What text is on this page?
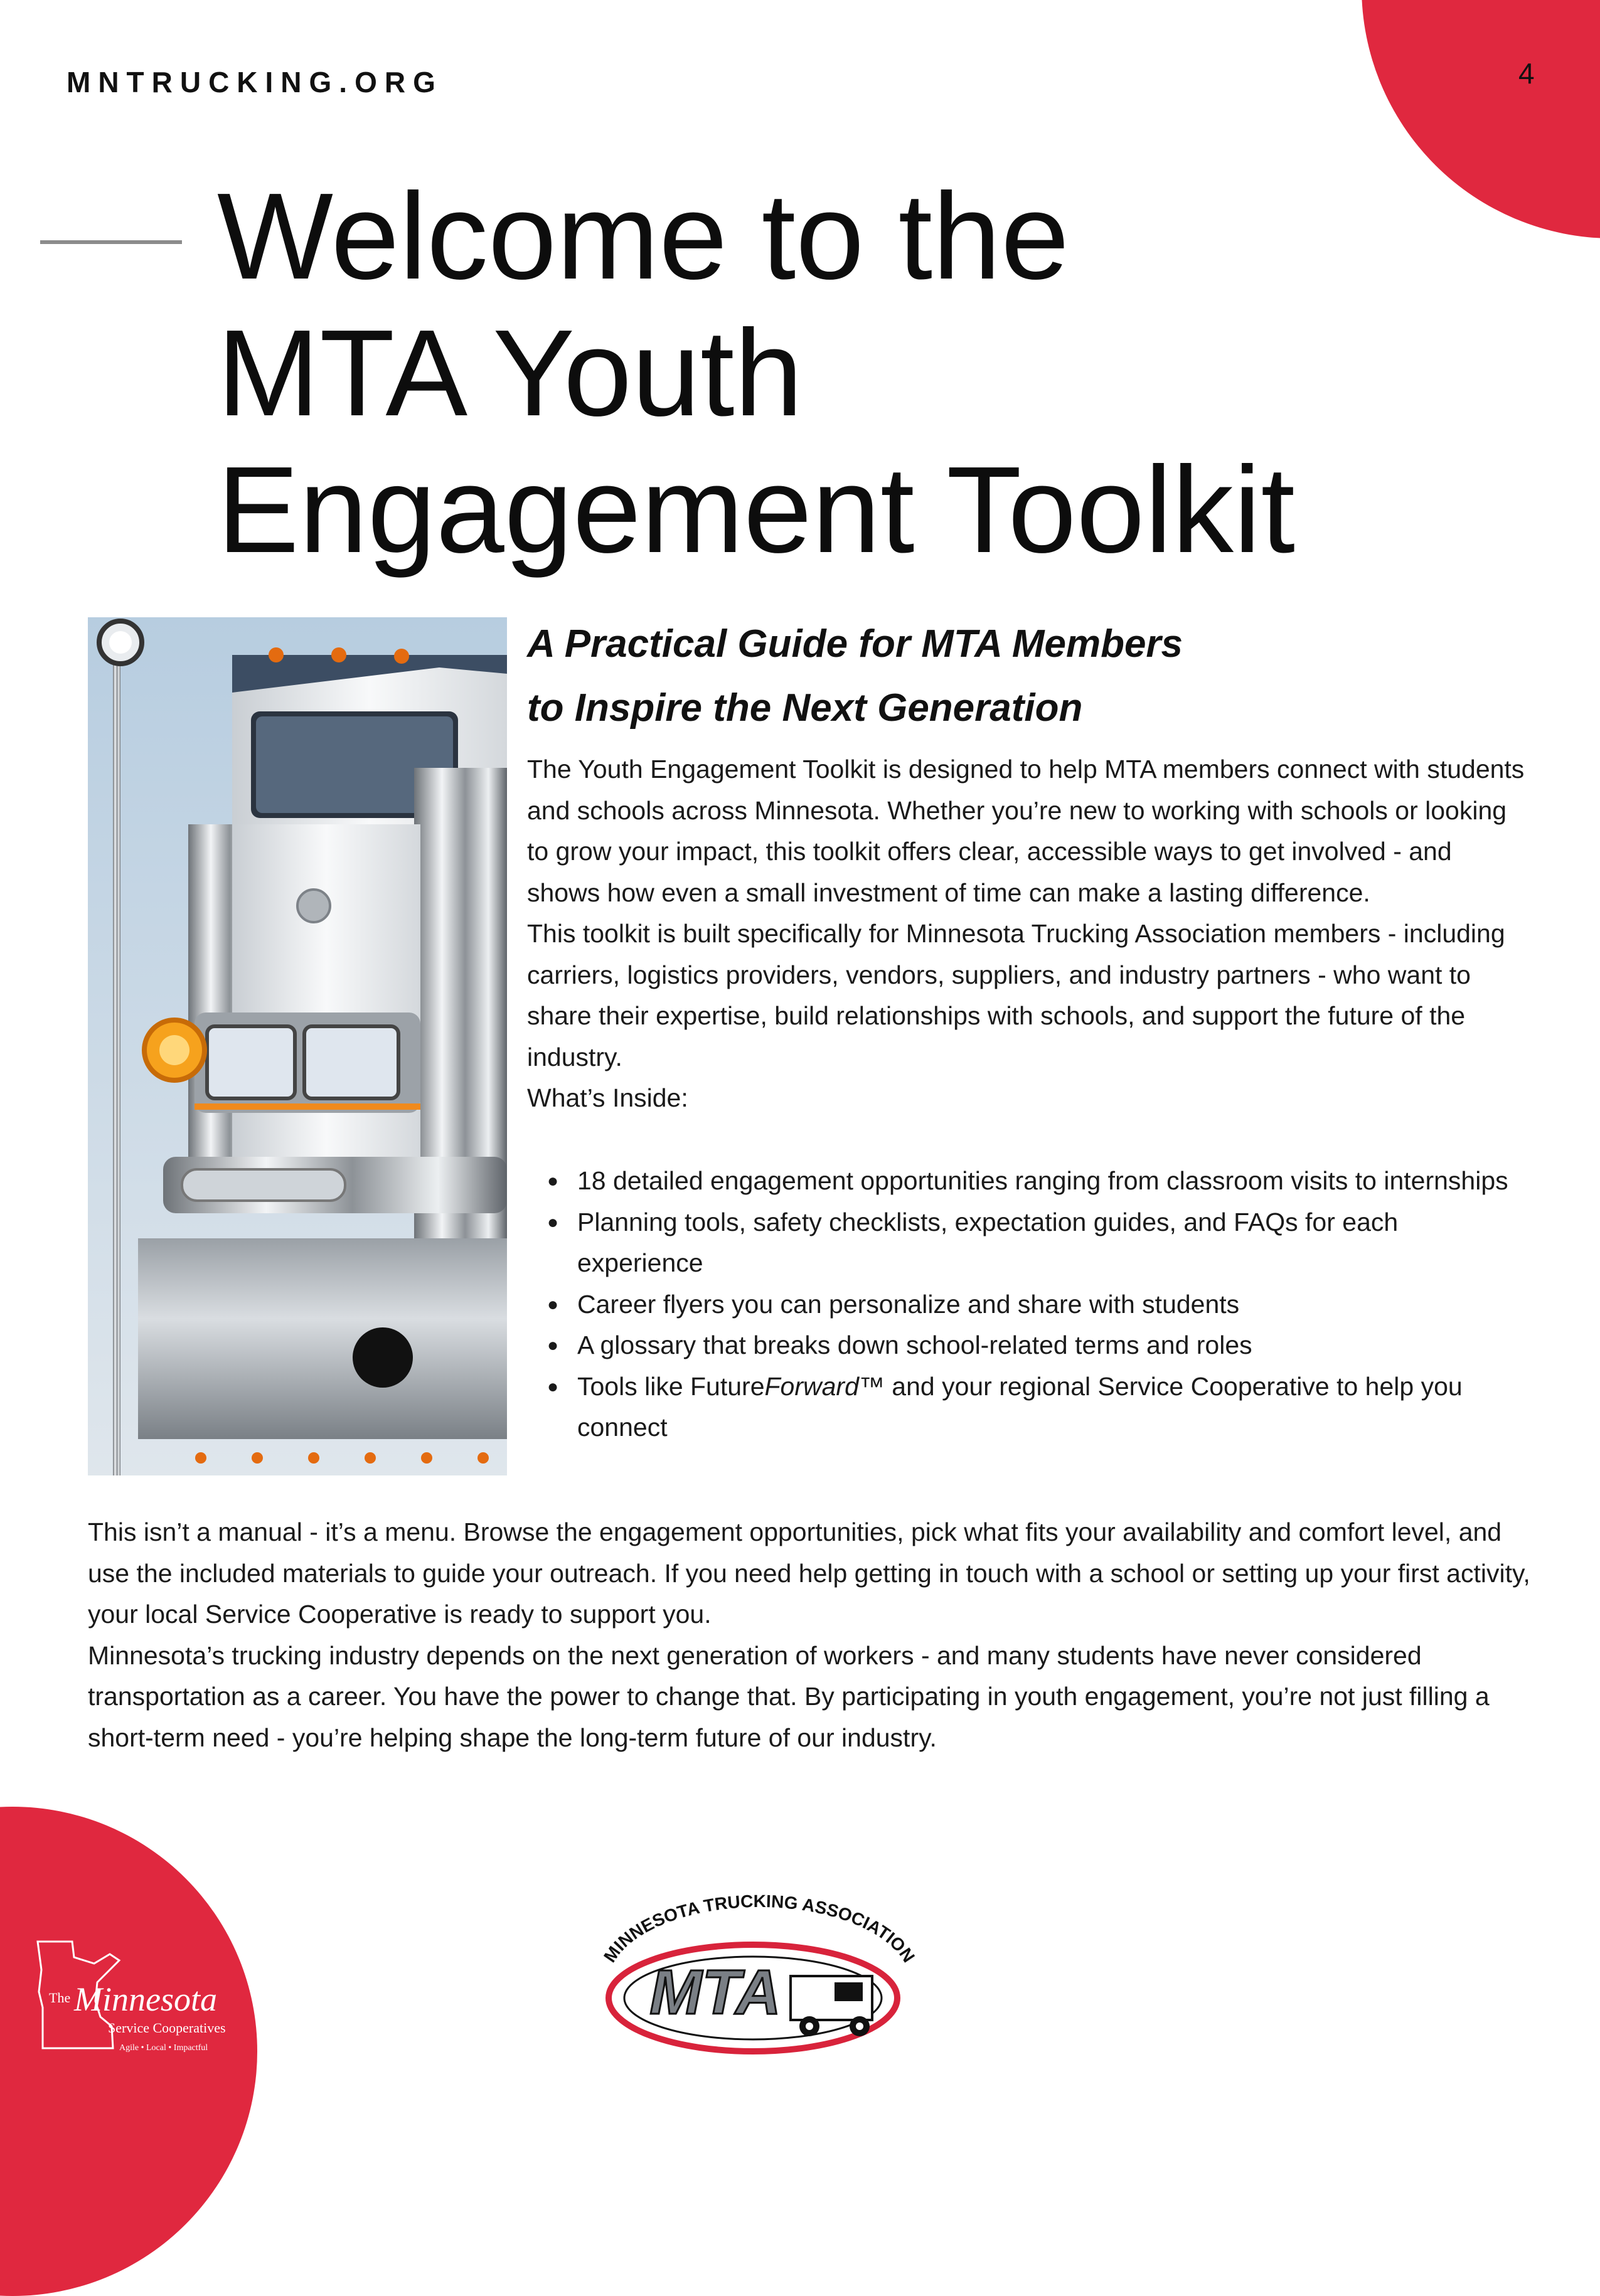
MNTRUCKING.ORG	4
Welcome to the
MTA Youth
Engagement Toolkit
A Practical Guide for MTA Members
to Inspire the Next Generation

The Youth Engagement Toolkit is designed to help MTA members connect with students and schools across Minnesota. Whether you’re new to working with schools or looking to grow your impact, this toolkit offers clear, accessible ways to get involved - and shows how even a small investment of time can make a lasting difference.

This toolkit is built specifically for Minnesota Trucking Association members - including carriers, logistics providers, vendors, suppliers, and industry partners - who want to share their expertise, build relationships with schools, and support the future of the industry.

What’s Inside:

● 18 detailed engagement opportunities ranging from classroom visits to internships
● Planning tools, safety checklists, expectation guides, and FAQs for each experience
● Career flyers you can personalize and share with students
● A glossary that breaks down school-related terms and roles
● Tools like FutureForward™ and your regional Service Cooperative to help you connect

This isn’t a manual - it’s a menu. Browse the engagement opportunities, pick what fits your availability and comfort level, and use the included materials to guide your outreach. If you need help getting in touch with a school or setting up your first activity, your local Service Cooperative is ready to support you.

Minnesota’s trucking industry depends on the next generation of workers - and many students have never considered transportation as a career. You have the power to change that. By participating in youth engagement, you’re not just filling a short-term need - you’re helping shape the long-term future of our industry.

The Minnesota
Service Cooperatives
Agile • Local • Impactful
MINNESOTA TRUCKING ASSOCIATION
MTA
